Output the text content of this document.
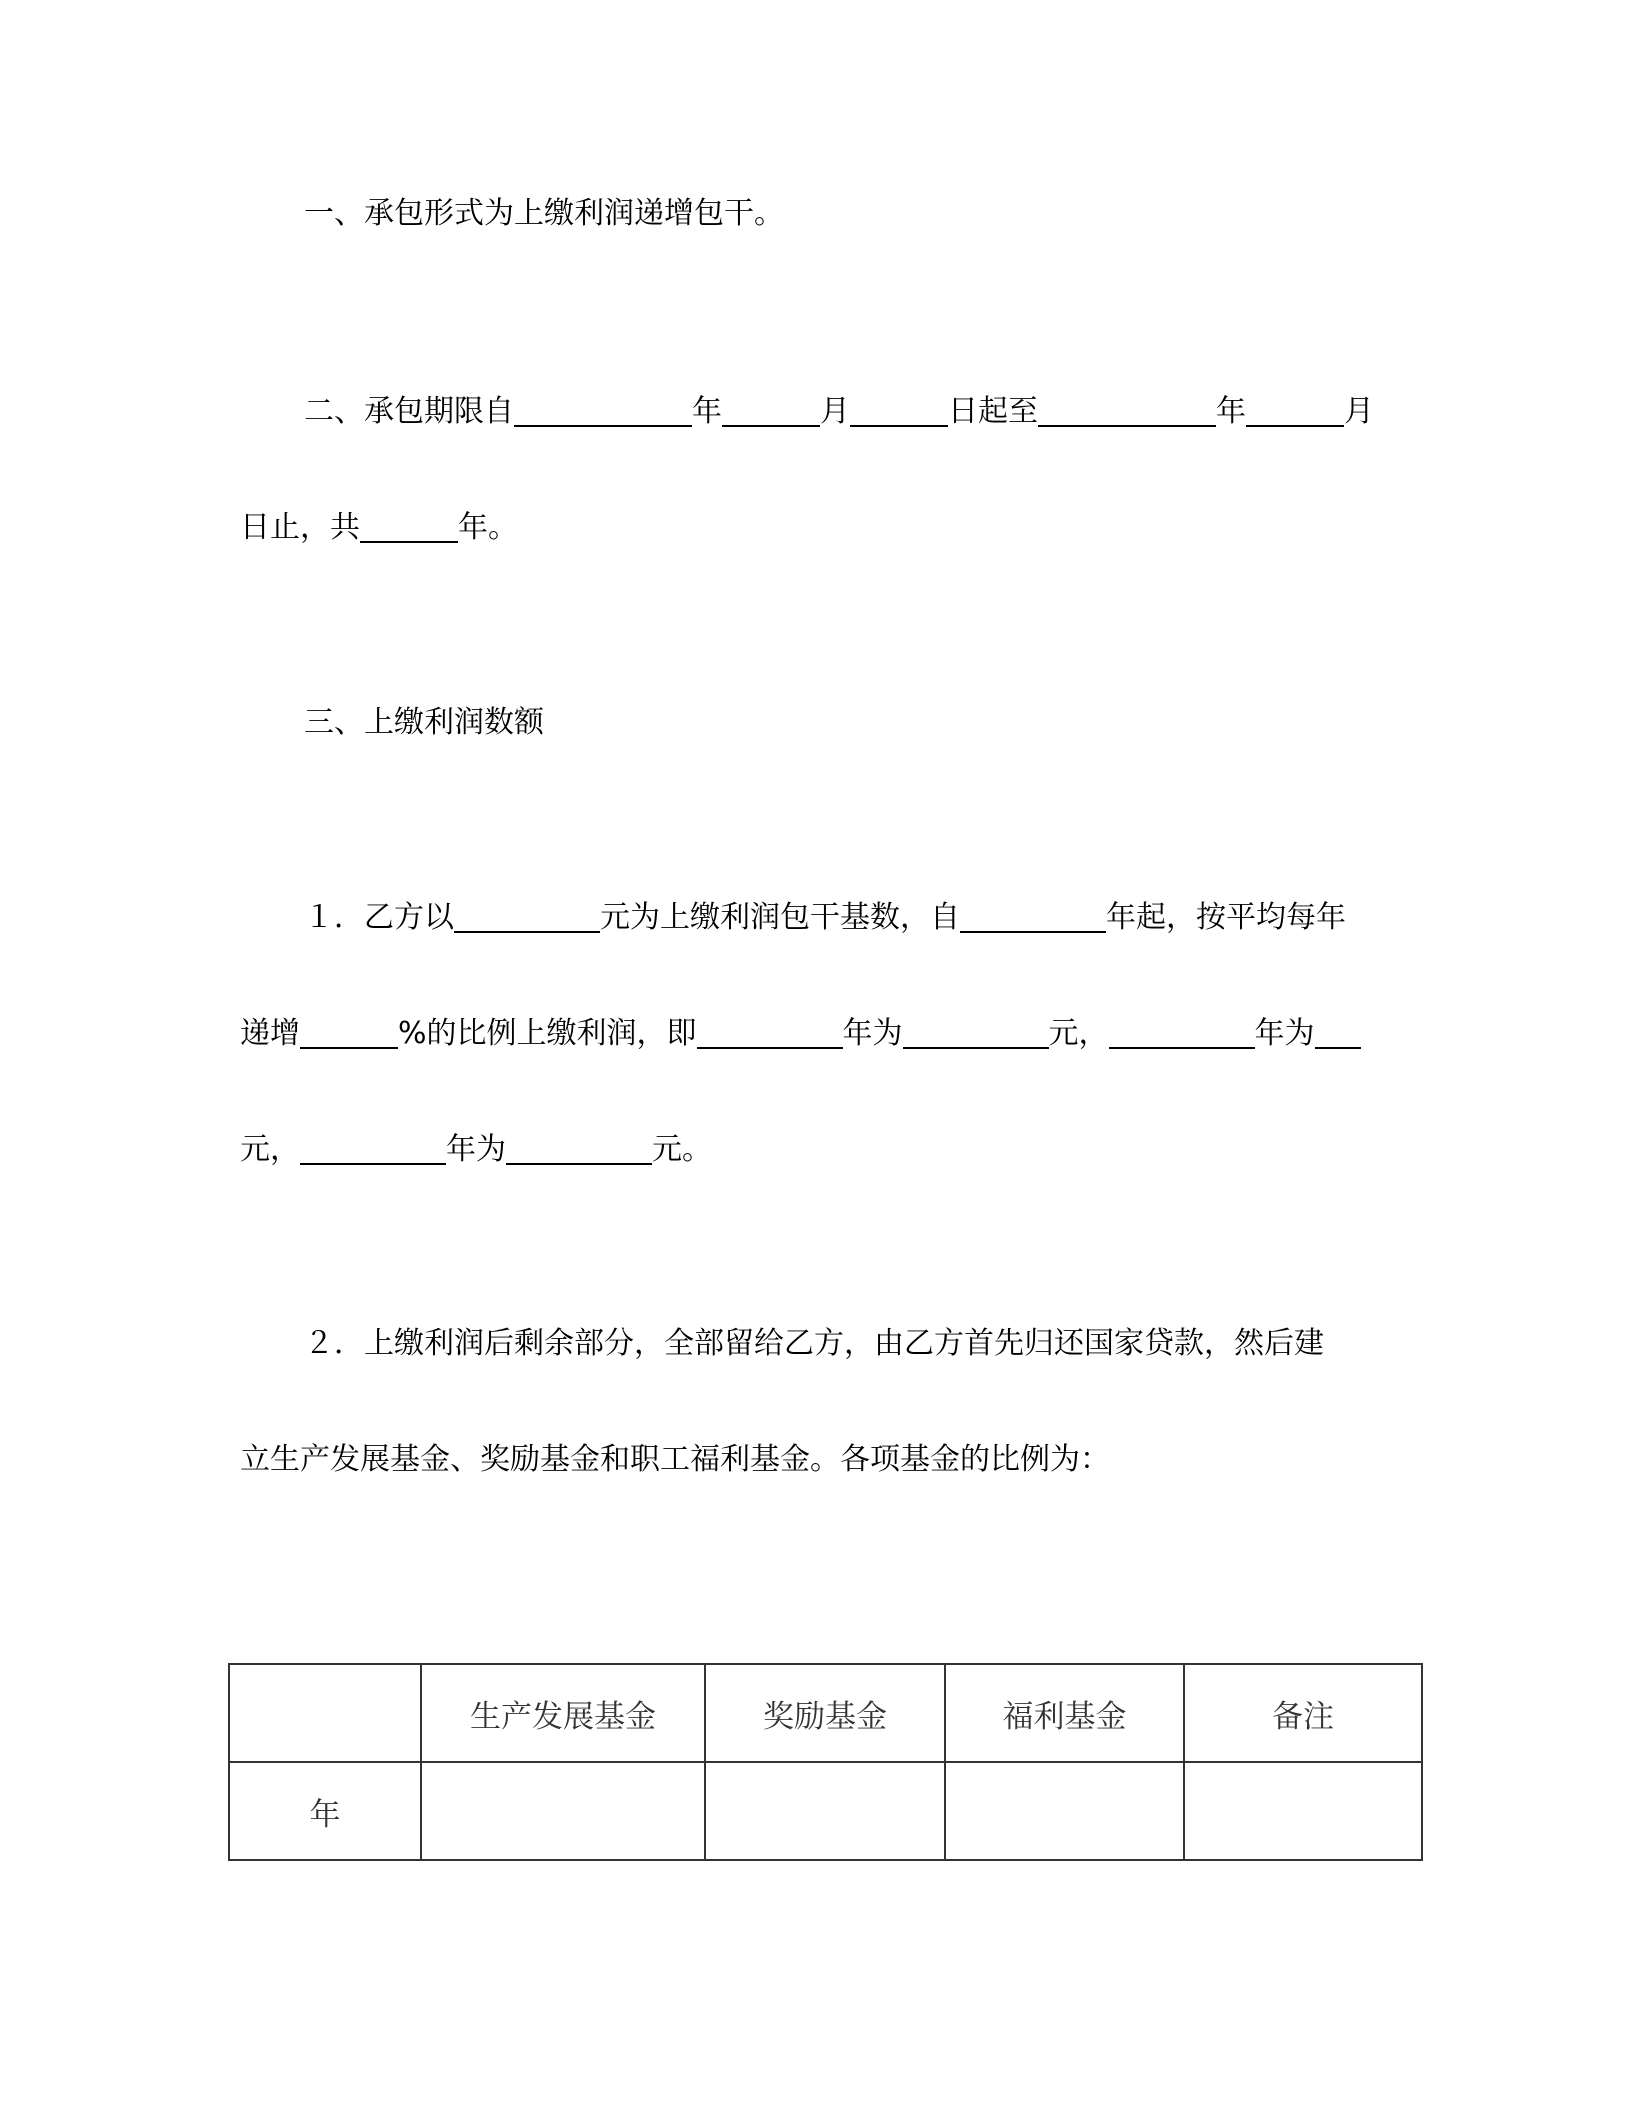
一、承包形式为上缴利润递增包干。

二、承包期限自	年	月	日起至	年	月

日止，共	年。

三、上缴利润数额

１．乙方以	元为上缴利润包干基数，自	年起，按平均每年

递增	%的比例上缴利润，即	年为	元，	年为

元，	年为	元。

２．上缴利润后剩余部分，全部留给乙方，由乙方首先归还国家贷款，然后建

立生产发展基金、奖励基金和职工福利基金。各项基金的比例为：

	生产发展基金	奖励基金	福利基金	备注
年				
